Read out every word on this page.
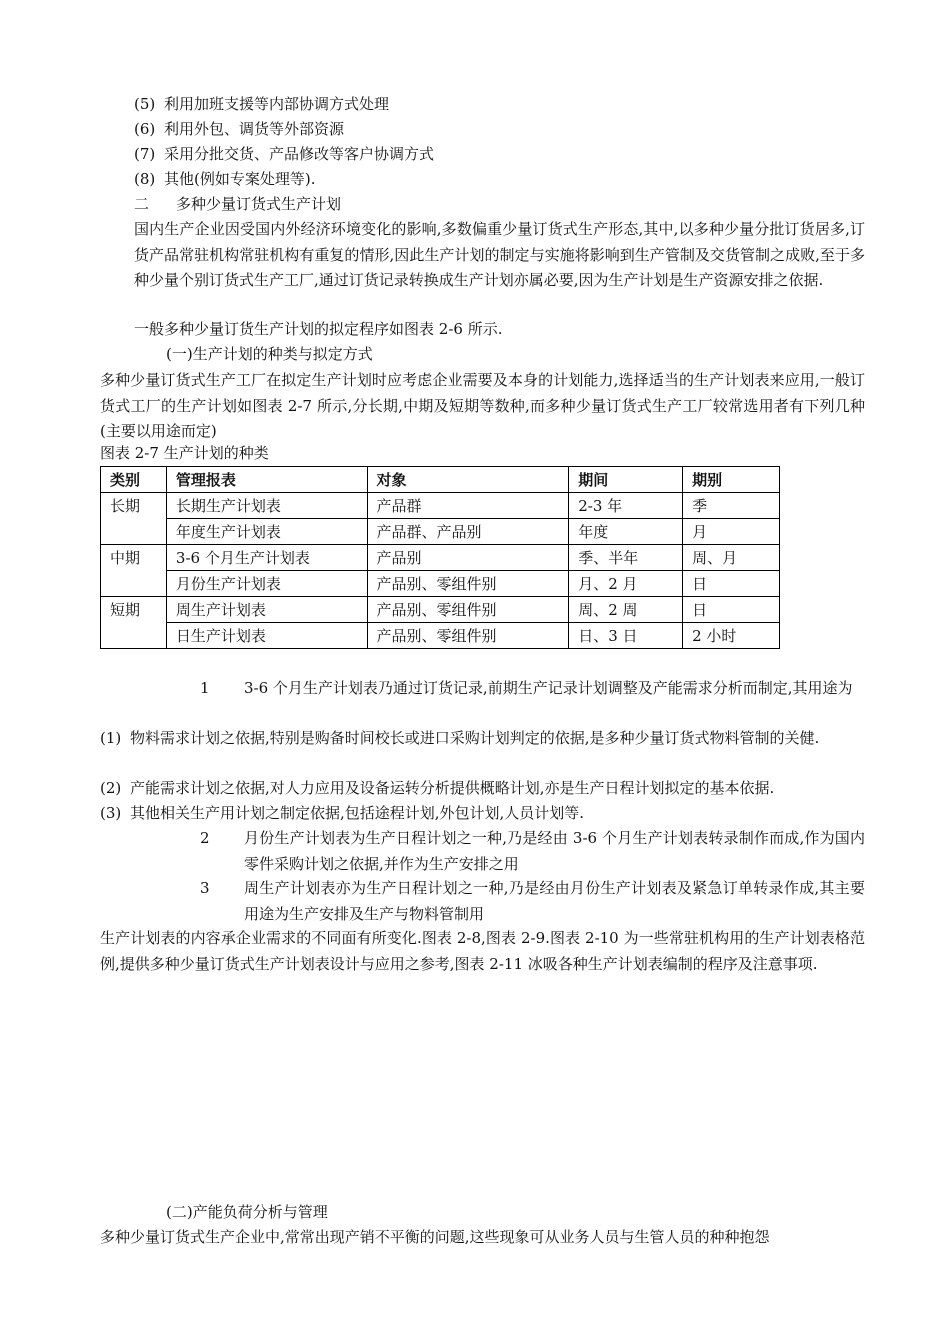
(5) 利用加班支援等内部协调方式处理
(6) 利用外包、调货等外部资源
(7) 采用分批交货、产品修改等客户协调方式
(8) 其他(例如专案处理等).
二 多种少量订货式生产计划
国内生产企业因受国内外经济环境变化的影响,多数偏重少量订货式生产形态,其中,以多种少量分批订货居多,订货产品常驻机构常驻机构有重复的情形,因此生产计划的制定与实施将影响到生产管制及交货管制之成败,至于多种少量个别订货式生产工厂,通过订货记录转换成生产计划亦属必要,因为生产计划是生产资源安排之依据.
一般多种少量订货生产计划的拟定程序如图表 2-6 所示.
(一)生产计划的种类与拟定方式
多种少量订货式生产工厂在拟定生产计划时应考虑企业需要及本身的计划能力,选择适当的生产计划表来应用,一般订货式工厂的生产计划如图表 2-7 所示,分长期,中期及短期等数种,而多种少量订货式生产工厂较常选用者有下列几种(主要以用途而定)
图表 2-7 生产计划的种类
类别	管理报表	对象	期间	期别
长期	长期生产计划表	产品群	2-3 年	季
	年度生产计划表	产品群、产品别	年度	月
中期	3-6 个月生产计划表	产品别	季、半年	周、月
	月份生产计划表	产品别、零组件别	月、2 月	日
短期	周生产计划表	产品别、零组件别	周、2 周	日
	日生产计划表	产品别、零组件别	日、3 日	2 小时
1 3-6 个月生产计划表乃通过订货记录,前期生产记录计划调整及产能需求分析而制定,其用途为
(1) 物料需求计划之依据,特别是购备时间校长或进口采购计划判定的依据,是多种少量订货式物料管制的关健.
(2) 产能需求计划之依据,对人力应用及设备运转分析提供概略计划,亦是生产日程计划拟定的基本依据.
(3) 其他相关生产用计划之制定依据,包括途程计划,外包计划,人员计划等.
2 月份生产计划表为生产日程计划之一种,乃是经由 3-6 个月生产计划表转录制作而成,作为国内零件采购计划之依据,并作为生产安排之用
3 周生产计划表亦为生产日程计划之一种,乃是经由月份生产计划表及紧急订单转录作成,其主要用途为生产安排及生产与物料管制用
生产计划表的内容承企业需求的不同面有所变化.图表 2-8,图表 2-9.图表 2-10 为一些常驻机构用的生产计划表格范例,提供多种少量订货式生产计划表设计与应用之参考,图表 2-11 冰吸各种生产计划表编制的程序及注意事项.
(二)产能负荷分析与管理
多种少量订货式生产企业中,常常出现产销不平衡的问题,这些现象可从业务人员与生管人员的种种抱怨
